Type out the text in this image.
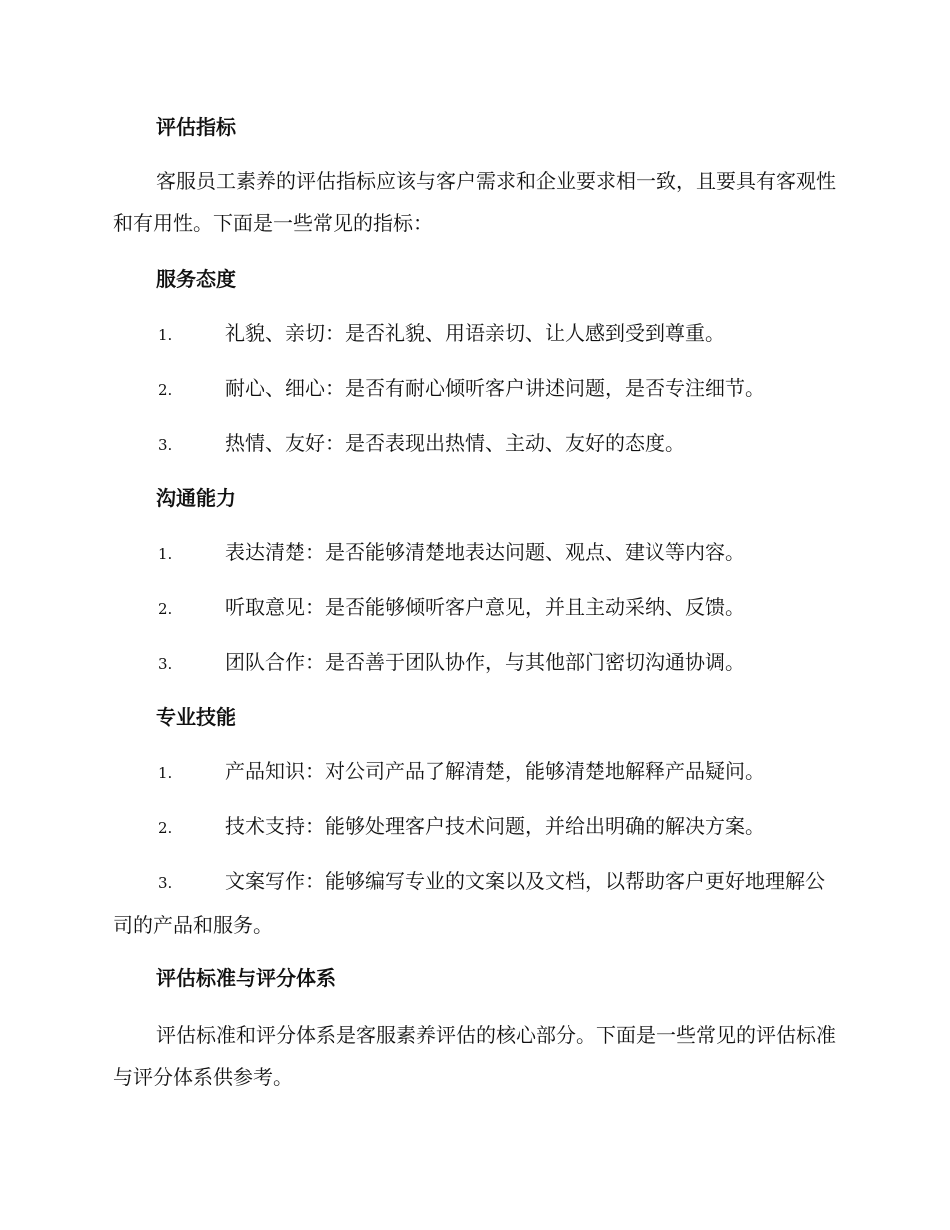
评估指标
客服员工素养的评估指标应该与客户需求和企业要求相一致，且要具有客观性和有用性。下面是一些常见的指标：
服务态度
1.	礼貌、亲切：是否礼貌、用语亲切、让人感到受到尊重。
2.	耐心、细心：是否有耐心倾听客户讲述问题，是否专注细节。
3.	热情、友好：是否表现出热情、主动、友好的态度。
沟通能力
1.	表达清楚：是否能够清楚地表达问题、观点、建议等内容。
2.	听取意见：是否能够倾听客户意见，并且主动采纳、反馈。
3.	团队合作：是否善于团队协作，与其他部门密切沟通协调。
专业技能
1.	产品知识：对公司产品了解清楚，能够清楚地解释产品疑问。
2.	技术支持：能够处理客户技术问题，并给出明确的解决方案。
3.	文案写作：能够编写专业的文案以及文档，以帮助客户更好地理解公司的产品和服务。
评估标准与评分体系
评估标准和评分体系是客服素养评估的核心部分。下面是一些常见的评估标准与评分体系供参考。
